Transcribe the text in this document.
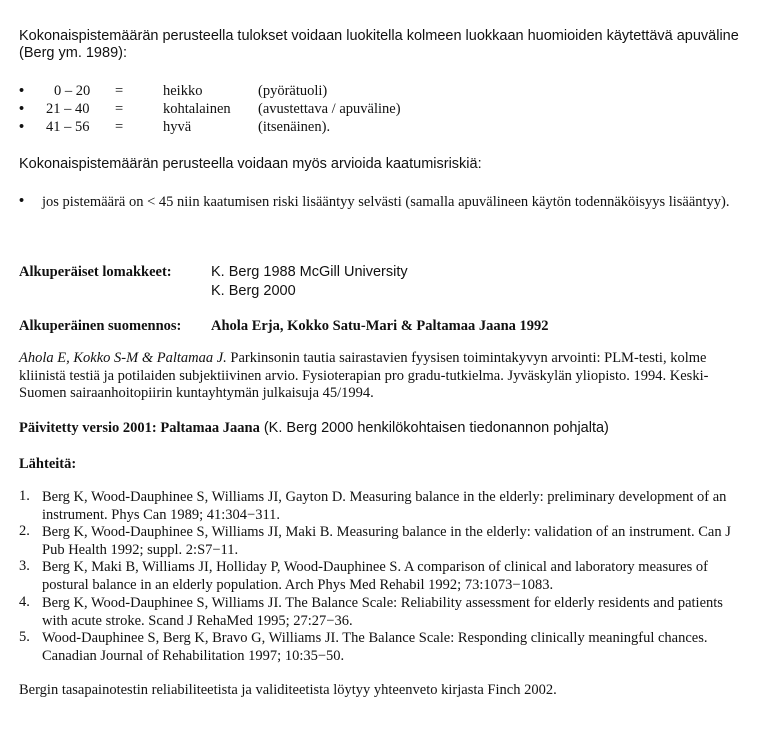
Kokonaispistemäärän perusteella tulokset voidaan luokitella kolmeen luokkaan huomioiden käytettävä apuväline (Berg ym. 1989):
• 0 – 20 =	heikko	(pyörätuoli)
• 21 – 40 =	kohtalainen (avustettava / apuväline)
• 41 – 56 =	hyvä	(itsenäinen).
Kokonaispistemäärän perusteella voidaan myös arvioida kaatumisriskiä:
• jos pistemäärä on < 45 niin kaatumisen riski lisääntyy selvästi (samalla apuvälineen käytön todennäköisyys lisääntyy).
Alkuperäiset lomakkeet:	K. Berg 1988 McGill University
K. Berg 2000
Alkuperäinen suomennos: Ahola Erja, Kokko Satu-Mari & Paltamaa Jaana 1992
Ahola E, Kokko S-M & Paltamaa J. Parkinsonin tautia sairastavien fyysisen toimintakyvyn arvointi: PLM-testi, kolme kliinistä testiä ja potilaiden subjektiivinen arvio. Fysioterapian pro gradu-tutkielma. Jyväskylän yliopisto. 1994. Keski-Suomen sairaanhoitopiirin kuntayhtymän julkaisuja 45/1994.
Päivitetty versio 2001: Paltamaa Jaana (K. Berg 2000 henkilökohtaisen tiedonannon pohjalta)
Lähteitä:
1. Berg K, Wood-Dauphinee S, Williams JI, Gayton D. Measuring balance in the elderly: preliminary development of an instrument. Phys Can 1989; 41:304−311.
2. Berg K, Wood-Dauphinee S, Williams JI, Maki B. Measuring balance in the elderly: validation of an instrument. Can J Pub Health 1992; suppl. 2:S7−11.
3. Berg K, Maki B, Williams JI, Holliday P, Wood-Dauphinee S. A comparison of clinical and laboratory measures of postural balance in an elderly population. Arch Phys Med Rehabil 1992; 73:1073−1083.
4. Berg K, Wood-Dauphinee S, Williams JI. The Balance Scale: Reliability assessment for elderly residents and patients with acute stroke. Scand J RehaMed 1995; 27:27−36.
5. Wood-Dauphinee S, Berg K, Bravo G, Williams JI. The Balance Scale: Responding clinically meaningful chances. Canadian Journal of Rehabilitation 1997; 10:35−50.
Bergin tasapainotestin reliabiliteetista ja validiteetista löytyy yhteenveto kirjasta Finch 2002.
